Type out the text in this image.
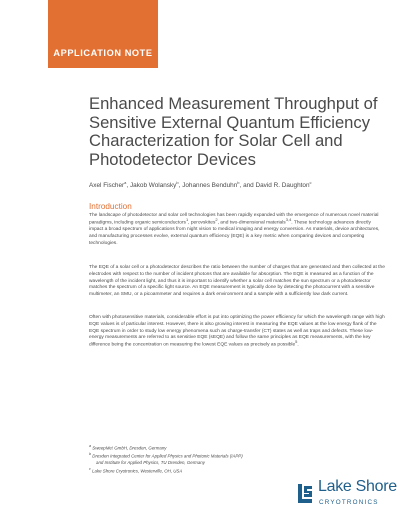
APPLICATION NOTE
Enhanced Measurement Throughput of Sensitive External Quantum Efficiency Characterization for Solar Cell and Photodetector Devices
Axel Fischer$^a$, Jakob Wolansky$^b$, Johannes Benduhn$^b$, and David R. Daughton$^c$
Introduction

The landscape of photodetector and solar cell technologies has been rapidly expanded with the emergence of numerous novel material paradigms, including organic semiconductors$^1$, perovskites$^2$, and two-dimensional materials$^{3,4}$. These technology advances directly impact a broad spectrum of applications from night vision to medical imaging and energy conversion. As materials, device architectures, and manufacturing processes evolve, external quantum efficiency (EQE) is a key metric when comparing devices and competing technologies.

The EQE of a solar cell or a photodetector describes the ratio between the number of charges that are generated and then collected at the electrodes with respect to the number of incident photons that are available for absorption. The EQE is measured as a function of the wavelength of the incident light, and thus it is important to identify whether a solar cell matches the sun spectrum or a photodetector matches the spectrum of a specific light source. An EQE measurement is typically done by detecting the photocurrent with a sensitive multimeter, an SMU, or a picoammeter and requires a dark environment and a sample with a sufficiently low dark current.

Often with photosensitive materials, considerable effort is put into optimizing the power efficiency for which the wavelength range with high EQE values is of particular interest. However, there is also growing interest in measuring the EQE values at the low energy flank of the EQE spectrum in order to study low energy phenomena such as charge-transfer (CT) states as well as traps and defects. These low-energy measurements are referred to as sensitive EQE (sEQE) and follow the same principles as EQE measurements, with the key difference being the concentration on measuring the lowest EQE values as precisely as possible$^5$.

$^a$ SweepMe! GmbH, Dresden, Germany
$^b$ Dresden Integrated Center for Applied Physics and Photonic Materials (IAPP)
and Institute for Applied Physics, TU Dresden, Germany
$^c$ Lake Shore Cryotronics, Westerville, OH, USA
Lake Shore
CRYOTRONICS
